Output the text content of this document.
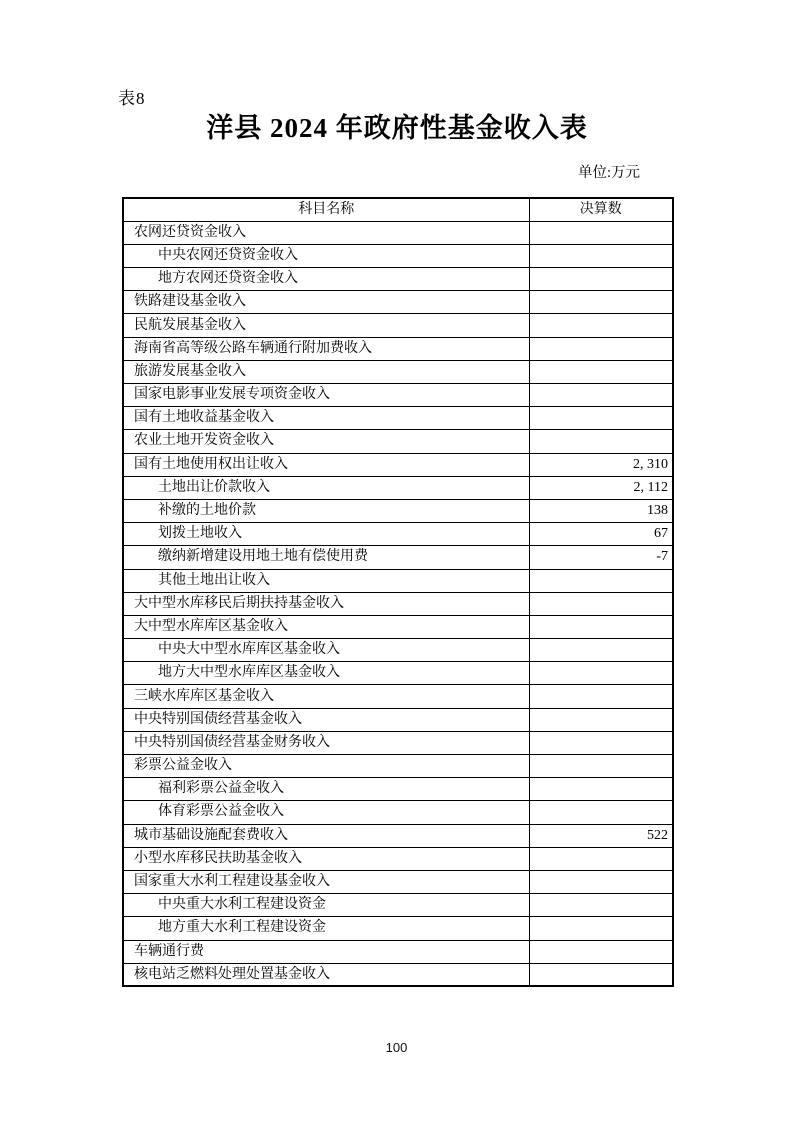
表8
洋县 2024 年政府性基金收入表
单位:万元
科目名称	决算数
农网还贷资金收入	
中央农网还贷资金收入	
地方农网还贷资金收入	
铁路建设基金收入	
民航发展基金收入	
海南省高等级公路车辆通行附加费收入	
旅游发展基金收入	
国家电影事业发展专项资金收入	
国有土地收益基金收入	
农业土地开发资金收入	
国有土地使用权出让收入	2, 310
土地出让价款收入	2, 112
补缴的土地价款	138
划拨土地收入	67
缴纳新增建设用地土地有偿使用费	-7
其他土地出让收入	
大中型水库移民后期扶持基金收入	
大中型水库库区基金收入	
中央大中型水库库区基金收入	
地方大中型水库库区基金收入	
三峡水库库区基金收入	
中央特别国债经营基金收入	
中央特别国债经营基金财务收入	
彩票公益金收入	
福利彩票公益金收入	
体育彩票公益金收入	
城市基础设施配套费收入	522
小型水库移民扶助基金收入	
国家重大水利工程建设基金收入	
中央重大水利工程建设资金	
地方重大水利工程建设资金	
车辆通行费	
核电站乏燃料处理处置基金收入	
100
